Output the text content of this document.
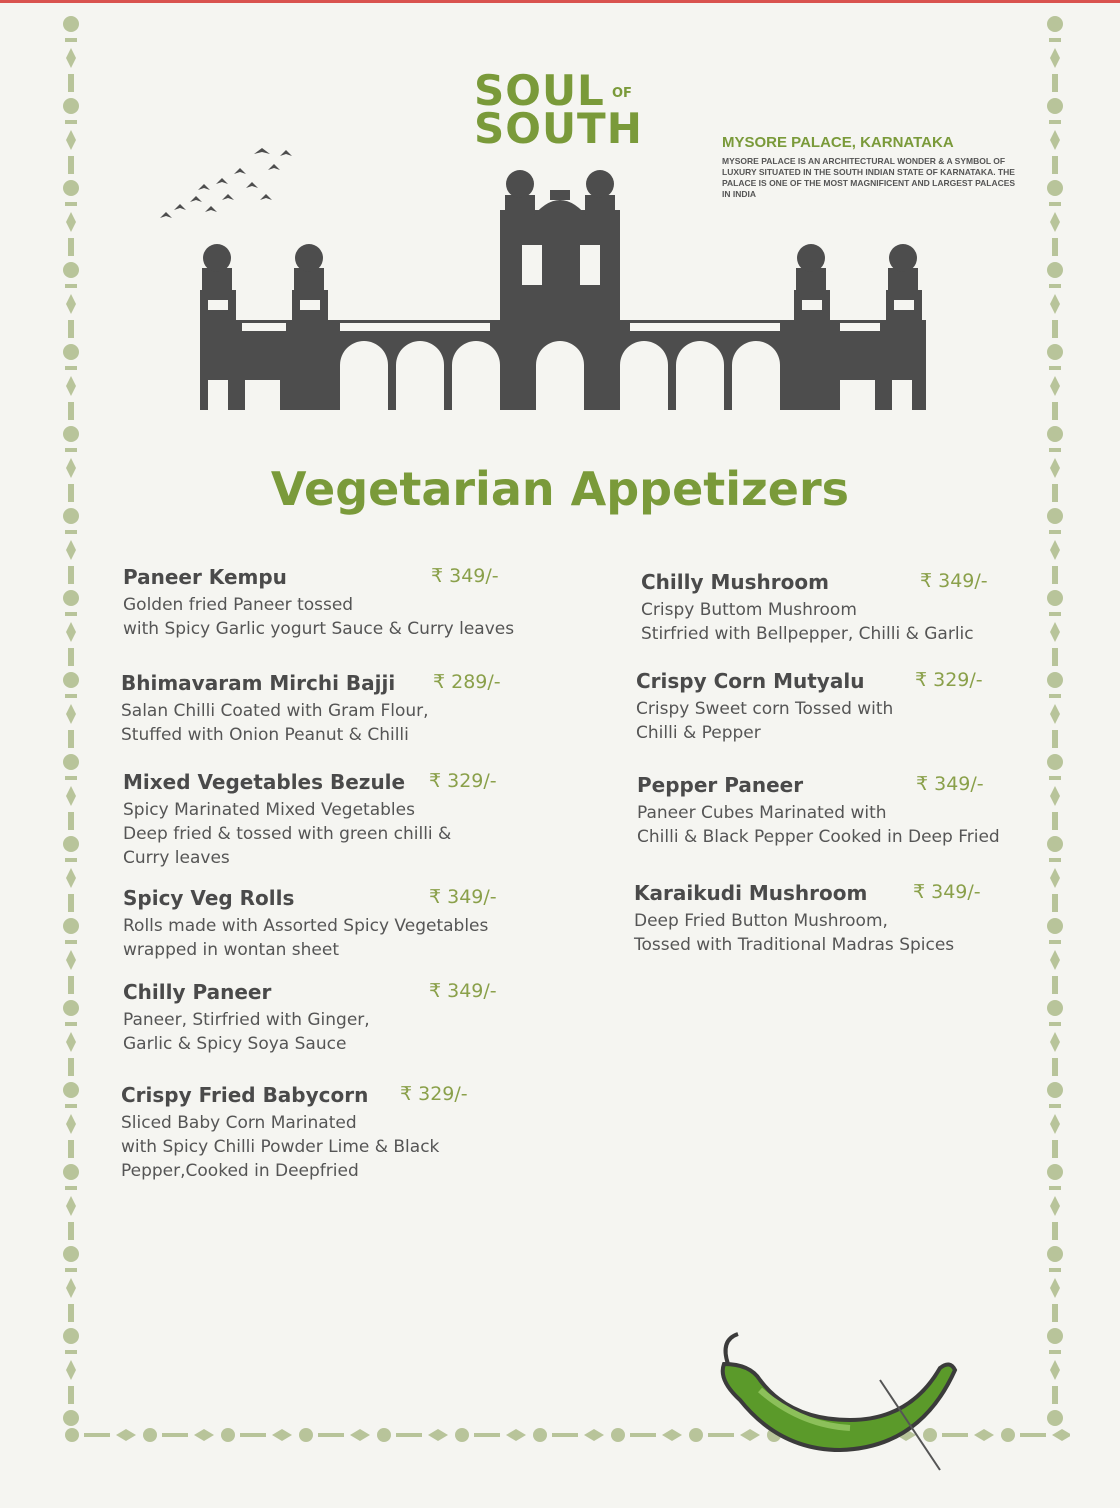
SOUL OF
SOUTH	MYSORE PALACE, KARNATAKA
MYSORE PALACE IS AN ARCHITECTURAL WONDER & A SYMBOL OF LUXURY SITUATED IN THE SOUTH INDIAN STATE OF KARNATAKA. THE PALACE IS ONE OF THE MOST MAGNIFICENT AND LARGEST PALACES IN INDIA
Vegetarian Appetizers
Paneer Kempu	₹ 349/-
Golden fried Paneer tossed
with Spicy Garlic yogurt Sauce & Curry leaves
Bhimavaram Mirchi Bajji	₹ 289/-
Salan Chilli Coated with Gram Flour,
Stuffed with Onion Peanut & Chilli
Mixed Vegetables Bezule	₹ 329/-
Spicy Marinated Mixed Vegetables
Deep fried & tossed with green chilli &
Curry leaves
Spicy Veg Rolls	₹ 349/-
Rolls made with Assorted Spicy Vegetables
wrapped in wontan sheet
Chilly Paneer	₹ 349/-
Paneer, Stirfried with Ginger,
Garlic & Spicy Soya Sauce
Crispy Fried Babycorn	₹ 329/-
Sliced Baby Corn Marinated
with Spicy Chilli Powder Lime & Black
Pepper,Cooked in Deepfried
Chilly Mushroom	₹ 349/-
Crispy Buttom Mushroom
Stirfried with Bellpepper, Chilli & Garlic
Crispy Corn Mutyalu	₹ 329/-
Crispy Sweet corn Tossed with
Chilli & Pepper
Pepper Paneer	₹ 349/-
Paneer Cubes Marinated with
Chilli & Black Pepper Cooked in Deep Fried
Karaikudi Mushroom	₹ 349/-
Deep Fried Button Mushroom,
Tossed with Traditional Madras Spices
